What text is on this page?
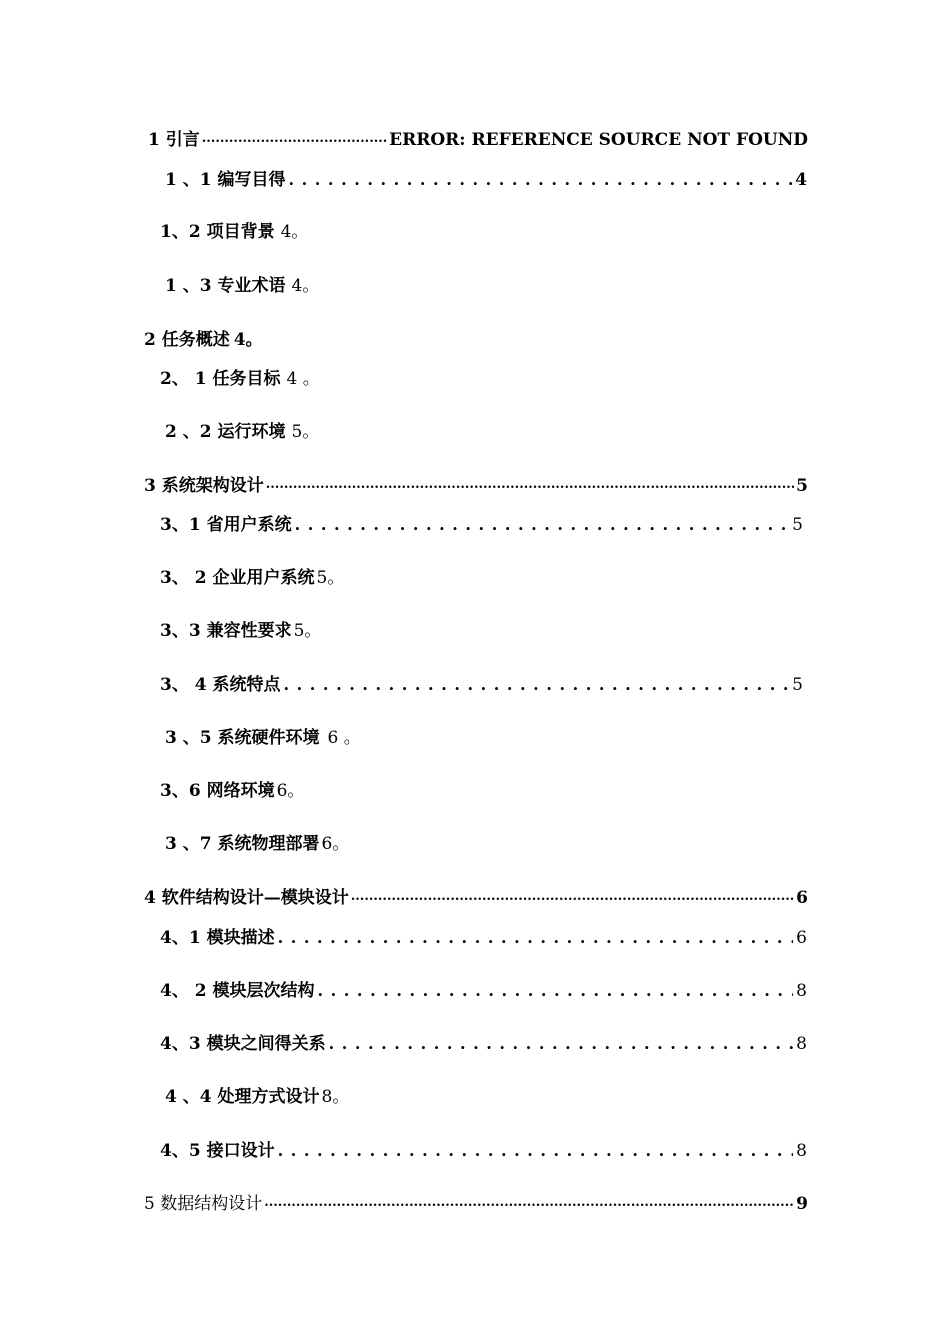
1 引言 .....	ERROR: REFERENCE SOURCE NOT FOUND
1 、1 编写目得 . . .	4
1、2 项目背景 4。
1 、3 专业术语 4。
2 任务概述 4。
2、 1 任务目标 4 。
2 、2 运行环境 5。
3 系统架构设计 .....	5
3、1 省用户系统 . . .	5
3、 2 企业用户系统 5。
3、3 兼容性要求 5。
3、 4 系统特点 . . .	5
3 、5 系统硬件环境 6 。
3、6 网络环境 6。
3 、7 系统物理部署 6。
4 软件结构设计—模块设计 .....	6
4、1 模块描述 . . .	6
4、 2 模块层次结构 . . .	8
4、3 模块之间得关系 . . .	8
4 、4 处理方式设计 8。
4、5 接口设计 . . .	8
5 数据结构设计 .....	9
